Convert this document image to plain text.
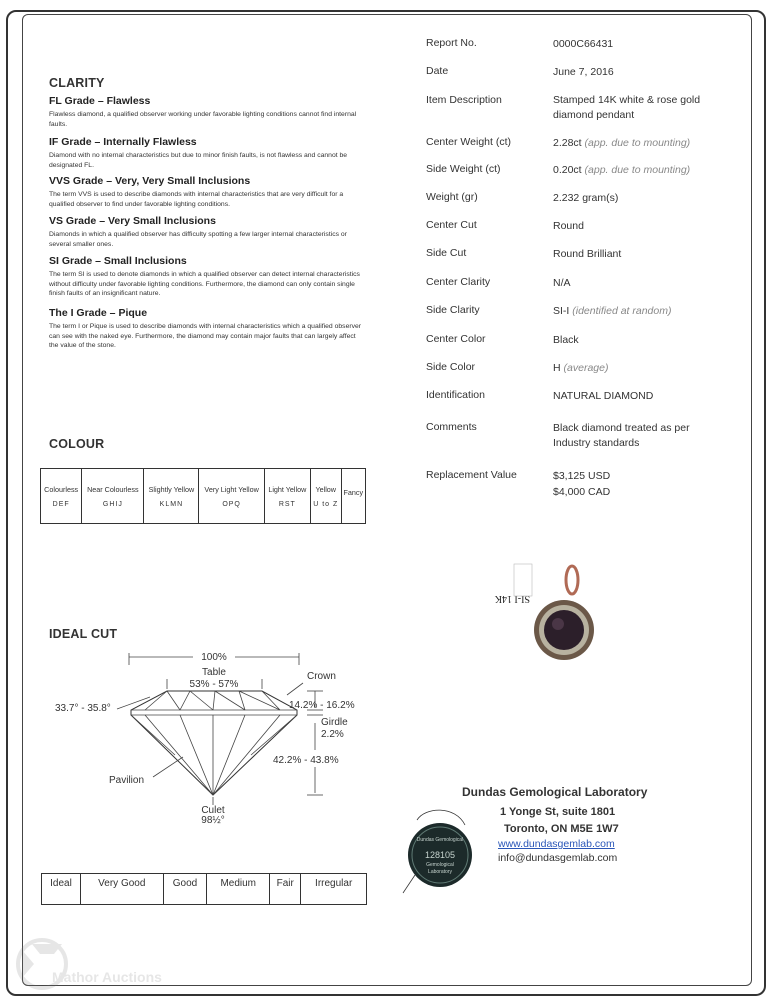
CLARITY
FL Grade – Flawless

Flawless diamond, a qualified observer working under favorable lighting conditions cannot find internal faults.

IF Grade – Internally Flawless

Diamond with no internal characteristics but due to minor finish faults, is not flawless and cannot be designated FL.

VVS Grade – Very, Very Small Inclusions

The term VVS is used to describe diamonds with internal characteristics that are very difficult for a qualified observer to find under favorable lighting conditions.

VS Grade – Very Small Inclusions

Diamonds in which a qualified observer has difficulty spotting a few larger internal characteristics or several smaller ones.

SI Grade – Small Inclusions

The term SI is used to denote diamonds in which a qualified observer can detect internal characteristics without difficulty under favorable lighting conditions. Furthermore, the diamond can only contain single finish faults of an insignificant nature.

The I Grade – Pique

The term I or Pique is used to describe diamonds with internal characteristics which a qualified observer can see with the naked eye. Furthermore, the diamond may contain major faults that can largely affect the value of the stone.

COLOUR
Colourless
DEF

Near Colourless
GHIJ

Slightly Yellow
KLMN

Very Light Yellow
OPQ

Light Yellow
RST

Yellow
U to Z

Fancy
IDEAL CUT
100%
Table
53% - 57%
Crown
33.7° - 35.8°	14.2% - 16.2%
Girdle
2.2%
42.2% - 43.8%
Pavilion
Culet
98½°
Ideal	Very Good	Good	Medium	Fair	Irregular
Report No.	0000C66431
Date	June 7, 2016
Item Description	Stamped 14K white & rose gold diamond pendant
Center Weight (ct)	2.28ct (app. due to mounting)
Side Weight (ct)	0.20ct (app. due to mounting)
Weight (gr)	2.232 gram(s)
Center Cut	Round
Side Cut	Round Brilliant
Center Clarity	N/A
Side Clarity	SI-I (identified at random)
Center Color	Black
Side Color	H (average)
Identification	NATURAL DIAMOND
Comments	Black diamond treated as per Industry standards
Replacement Value	$3,125 USD
$4,000 CAD
SI-I 14K
Dundas Gemological Laboratory
1 Yonge St, suite 1801
Toronto, ON M5E 1W7
www.dundasgemlab.com
info@dundasgemlab.com
Dundas Gemological
128105
Gemological
Laboratory
Mathor Auctions
